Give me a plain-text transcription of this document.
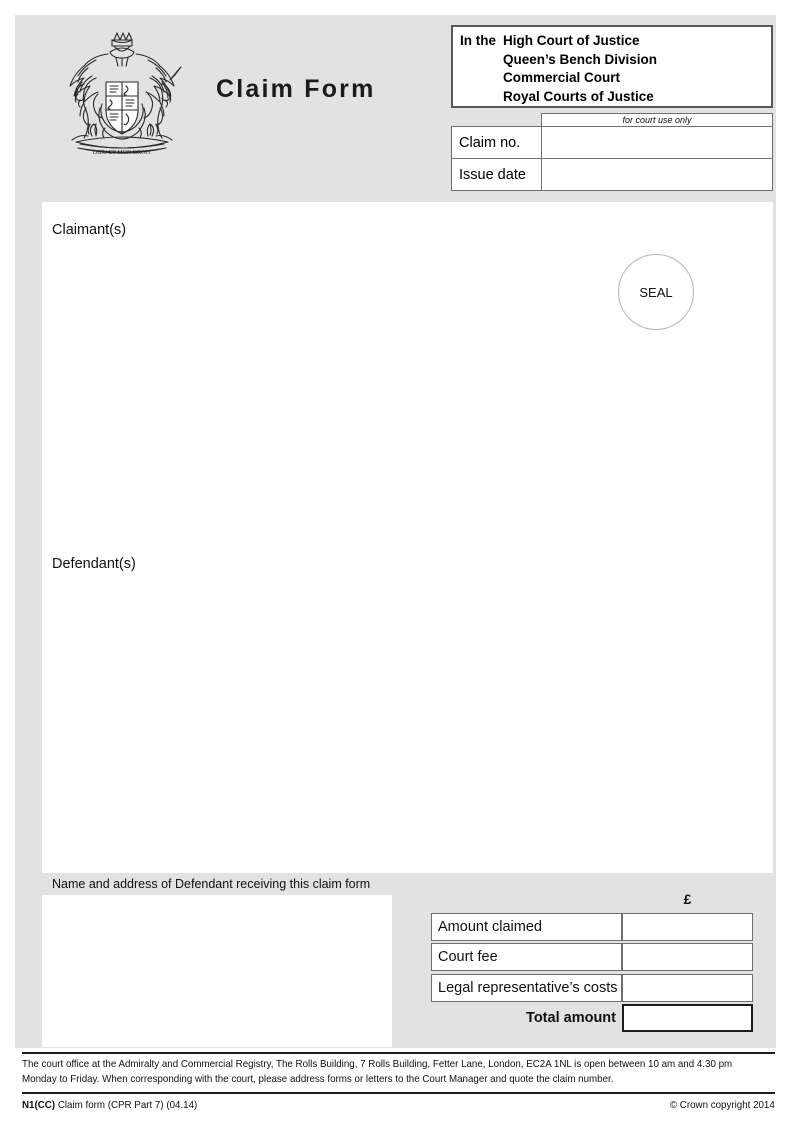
DIEU ET MON DROIT
Claim Form
In the High Court of Justice
Queen’s Bench Division
Commercial Court
Royal Courts of Justice
for court use only
Claim no.
Issue date
Claimant(s)
Defendant(s)
SEAL
Name and address of Defendant receiving this claim form
£
Amount claimed
Court fee
Legal representative’s costs
Total amount
The court office at the Admiralty and Commercial Registry, The Rolls Building, 7 Rolls Building, Fetter Lane, London, EC2A 1NL is open between 10 am and 4.30 pm
Monday to Friday. When corresponding with the court, please address forms or letters to the Court Manager and quote the claim number.
N1(CC) Claim form (CPR Part 7) (04.14)	© Crown copyright 2014
